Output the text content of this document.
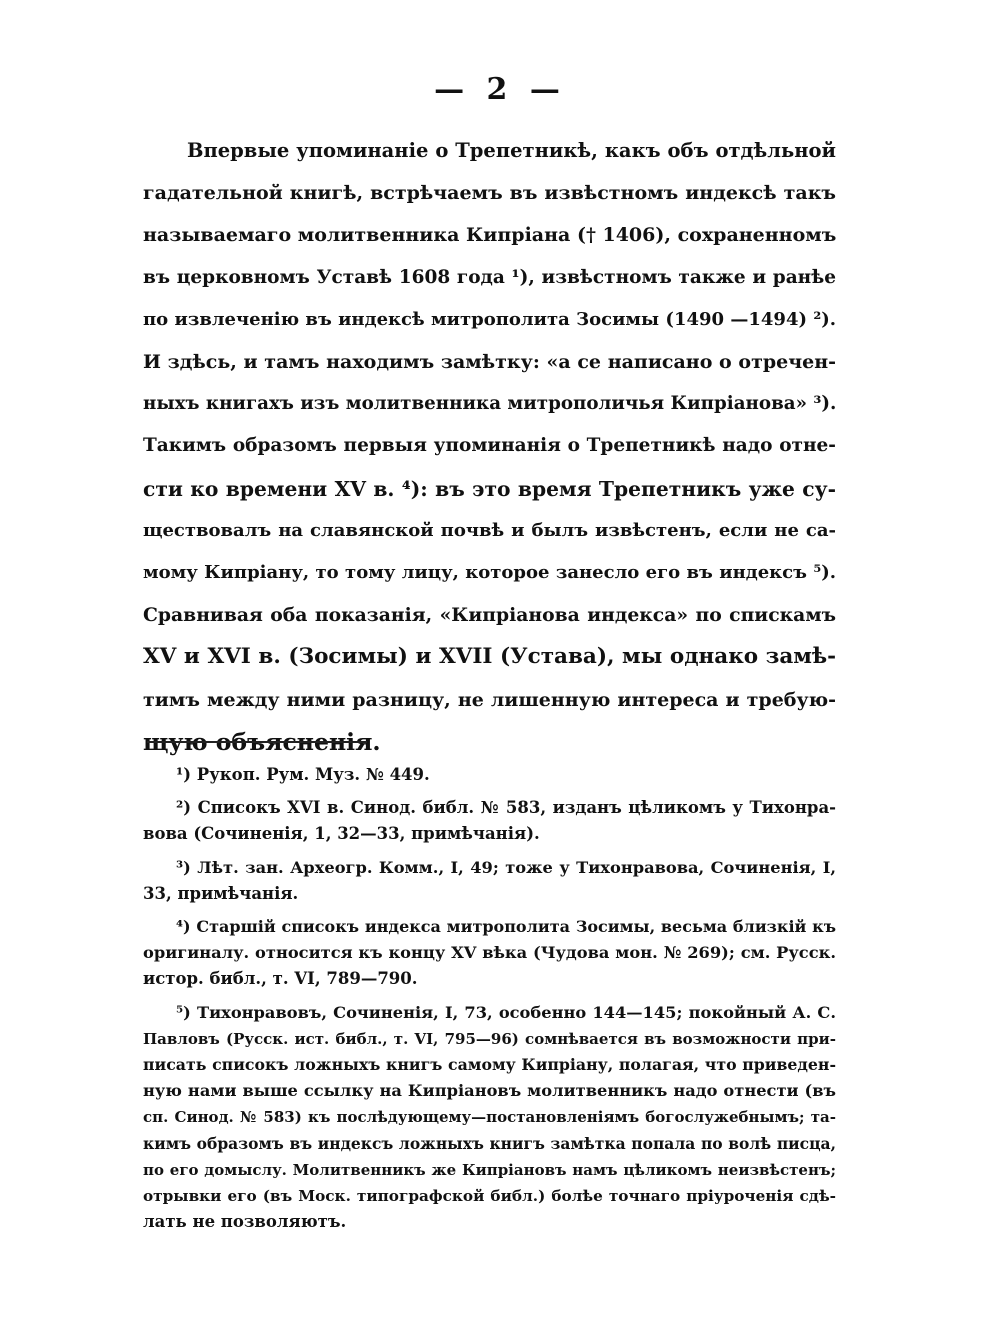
— 2 —
Впервые упоминаніе о Трепетникѣ, какъ объ отдѣльной
гадательной книгѣ, встрѣчаемъ въ извѣстномъ индексѣ такъ
называемаго молитвенника Кипріана († 1406), сохраненномъ
въ церковномъ Уставѣ 1608 года ¹), извѣстномъ также и ранѣе
по извлеченію въ индексѣ митрополита Зосимы (1490 —1494) ²).
И здѣсь, и тамъ находимъ замѣтку: «а се написано о отречен-
ныхъ книгахъ изъ молитвенника митрополичья Кипріанова» ³).
Такимъ образомъ первыя упоминанія о Трепетникѣ надо отне-
сти ко времени XV в. ⁴): въ это время Трепетникъ уже су-
ществовалъ на славянской почвѣ и былъ извѣстенъ, если не са-
мому Кипріану, то тому лицу, которое занесло его въ индексъ ⁵).
Сравнивая оба показанія, «Кипріанова индекса» по спискамъ
XV и XVI в. (Зосимы) и XVII (Устава), мы однако замѣ-
тимъ между ними разницу, не лишенную интереса и требую-
щую объясненія.
¹) Рукоп. Рум. Муз. № 449.
²) Списокъ XVI в. Синод. библ. № 583, изданъ цѣликомъ у Тихонра-
вова (Сочиненія, 1, 32—33, примѣчанія).
³) Лѣт. зан. Археогр. Комм., I, 49; тоже у Тихонравова, Сочиненія, I,
33, примѣчанія.
⁴) Старшій списокъ индекса митрополита Зосимы, весьма близкій къ
оригиналу. относится къ концу XV вѣка (Чудова мон. № 269); см. Русск.
истор. библ., т. VI, 789—790.
⁵) Тихонравовъ, Сочиненія, I, 73, особенно 144—145; покойный А. С.
Павловъ (Русск. ист. библ., т. VI, 795—96) сомнѣвается въ возможности при-
писать списокъ ложныхъ книгъ самому Кипріану, полагая, что приведен-
ную нами выше ссылку на Кипріановъ молитвенникъ надо отнести (въ
сп. Синод. № 583) къ послѣдующему—постановленіямъ богослужебнымъ; та-
кимъ образомъ въ индексъ ложныхъ книгъ замѣтка попала по волѣ писца,
по его домыслу. Молитвенникъ же Кипріановъ намъ цѣликомъ неизвѣстенъ;
отрывки его (въ Моск. типографской библ.) болѣе точнаго пріуроченія сдѣ-
лать не позволяютъ.
